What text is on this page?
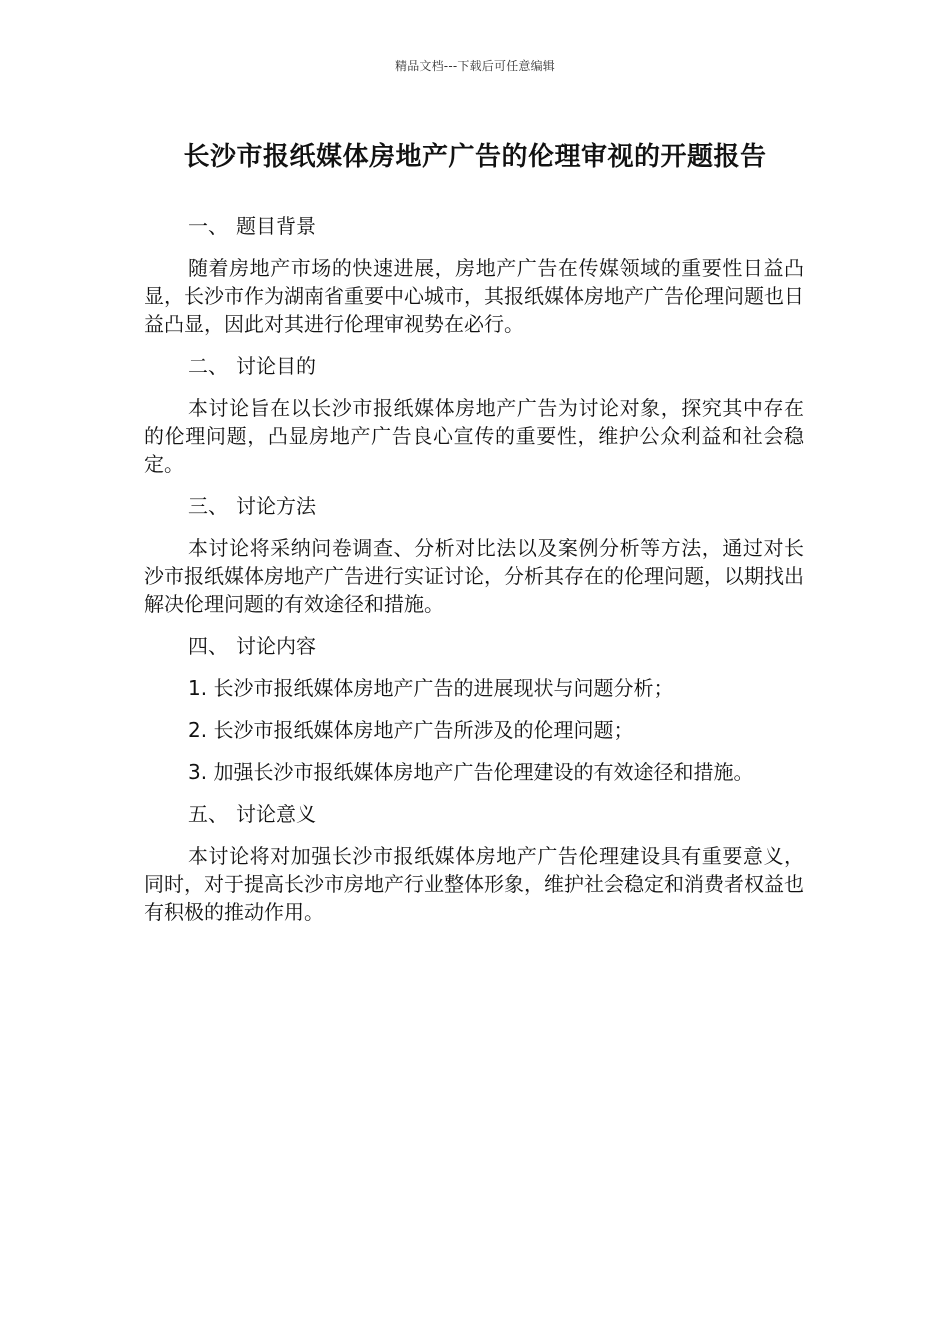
精品文档---下载后可任意编辑
长沙市报纸媒体房地产广告的伦理审视的开题报告
一、 题目背景

随着房地产市场的快速进展，房地产广告在传媒领域的重要性日益凸显，长沙市作为湖南省重要中心城市，其报纸媒体房地产广告伦理问题也日益凸显，因此对其进行伦理审视势在必行。

二、 讨论目的

本讨论旨在以长沙市报纸媒体房地产广告为讨论对象，探究其中存在的伦理问题，凸显房地产广告良心宣传的重要性，维护公众利益和社会稳定。

三、 讨论方法

本讨论将采纳问卷调查、分析对比法以及案例分析等方法，通过对长沙市报纸媒体房地产广告进行实证讨论，分析其存在的伦理问题，以期找出解决伦理问题的有效途径和措施。

四、 讨论内容
1. 长沙市报纸媒体房地产广告的进展现状与问题分析；
2. 长沙市报纸媒体房地产广告所涉及的伦理问题；
3. 加强长沙市报纸媒体房地产广告伦理建设的有效途径和措施。
五、 讨论意义

本讨论将对加强长沙市报纸媒体房地产广告伦理建设具有重要意义，同时，对于提高长沙市房地产行业整体形象，维护社会稳定和消费者权益也有积极的推动作用。
